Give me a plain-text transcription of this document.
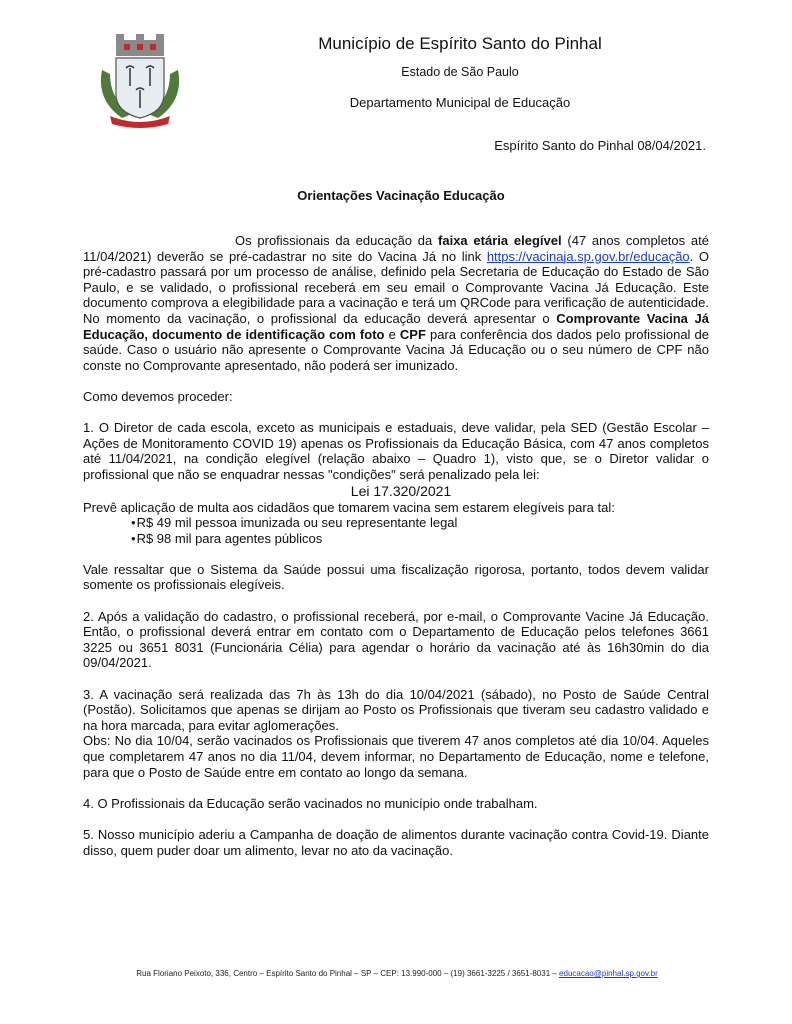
Município de Espírito Santo do Pinhal
Estado de São Paulo
Departamento Municipal de Educação
Espírito Santo do Pinhal 08/04/2021.
Orientações Vacinação Educação

Os profissionais da educação da faixa etária elegível (47 anos completos até 11/04/2021) deverão se pré-cadastrar no site do Vacina Já no link https://vacinaja.sp.gov.br/educação. O pré-cadastro passará por um processo de análise, definido pela Secretaria de Educação do Estado de São Paulo, e se validado, o profissional receberá em seu email o Comprovante Vacina Já Educação. Este documento comprova a elegibilidade para a vacinação e terá um QRCode para verificação de autenticidade. No momento da vacinação, o profissional da educação deverá apresentar o Comprovante Vacina Já Educação, documento de identificação com foto e CPF para conferência dos dados pelo profissional de saúde. Caso o usuário não apresente o Comprovante Vacina Já Educação ou o seu número de CPF não conste no Comprovante apresentado, não poderá ser imunizado.

Como devemos proceder:

1. O Diretor de cada escola, exceto as municipais e estaduais, deve validar, pela SED (Gestão Escolar – Ações de Monitoramento COVID 19) apenas os Profissionais da Educação Básica, com 47 anos completos até 11/04/2021, na condição elegível (relação abaixo – Quadro 1), visto que, se o Diretor validar o profissional que não se enquadrar nessas "condições" será penalizado pela lei:

Lei 17.320/2021

Prevê aplicação de multa aos cidadãos que tomarem vacina sem estarem elegíveis para tal:

•R$ 49 mil pessoa imunizada ou seu representante legal
•R$ 98 mil para agentes públicos

Vale ressaltar que o Sistema da Saúde possui uma fiscalização rigorosa, portanto, todos devem validar somente os profissionais elegíveis.

2. Após a validação do cadastro, o profissional receberá, por e-mail, o Comprovante Vacine Já Educação. Então, o profissional deverá entrar em contato com o Departamento de Educação pelos telefones 3661 3225 ou 3651 8031 (Funcionária Célia) para agendar o horário da vacinação até às 16h30min do dia 09/04/2021.

3. A vacinação será realizada das 7h às 13h do dia 10/04/2021 (sábado), no Posto de Saúde Central (Postão). Solicitamos que apenas se dirijam ao Posto os Profissionais que tiveram seu cadastro validado e na hora marcada, para evitar aglomerações.

Obs: No dia 10/04, serão vacinados os Profissionais que tiverem 47 anos completos até dia 10/04. Aqueles que completarem 47 anos no dia 11/04, devem informar, no Departamento de Educação, nome e telefone, para que o Posto de Saúde entre em contato ao longo da semana.

4. O Profissionais da Educação serão vacinados no município onde trabalham.

5. Nosso município aderiu a Campanha de doação de alimentos durante vacinação contra Covid-19. Diante disso, quem puder doar um alimento, levar no ato da vacinação.

Rua Floriano Peixoto, 336, Centro – Espírito Santo do Pinhal – SP – CEP: 13.990-000 – (19) 3661-3225 / 3651-8031 – educacao@pinhal.sp.gov.br
